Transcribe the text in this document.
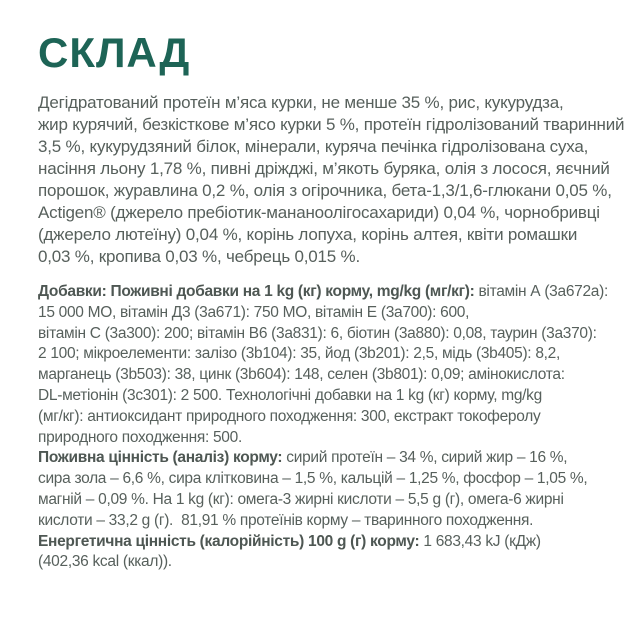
СКЛАД
Дегідратований протеїн м’яса курки, не менше 35 %, рис, кукурудза,
жир курячий, безкісткове м’ясо курки 5 %, протеїн гідролізований тваринний
3,5 %, кукурудзяний білок, мінерали, куряча печінка гідролізована суха,
насіння льону 1,78 %, пивні дріжджі, м’якоть буряка, олія з лосося, яєчний
порошок, журавлина 0,2 %, олія з огірочника, бета-1,3/1,6-глюкани 0,05 %,
Actigen® (джерело пребіотик-мананоолігосахариди) 0,04 %, чорнобривці
(джерело лютеїну) 0,04 %, корінь лопуха, корінь алтея, квіти ромашки
0,03 %, кропива 0,03 %, чебрець 0,015 %.
Добавки: Поживні добавки на 1 kg (кг) корму, mg/kg (мг/кг): вітамін А (3а672а):
15 000 МО, вітамін Д3 (3а671): 750 МО, вітамін Е (3а700): 600,
вітамін С (3а300): 200; вітамін В6 (3а831): 6, біотин (3а880): 0,08, таурин (3а370):
2 100; мікроелементи: залізо (3b104): 35, йод (3b201): 2,5, мідь (3b405): 8,2,
марганець (3b503): 38, цинк (3b604): 148, селен (3b801): 0,09; амінокислота:
DL-метіонін (3с301): 2 500. Технологічні добавки на 1 kg (кг) корму, mg/kg
(мг/кг): антиоксидант природного походження: 300, екстракт токоферолу
природного походження: 500.
Поживна цінність (аналіз) корму: сирий протеїн – 34 %, сирий жир – 16 %,
сира зола – 6,6 %, сира клітковина – 1,5 %, кальцій – 1,25 %, фосфор – 1,05 %,
магній – 0,09 %. На 1 kg (кг): омега-3 жирні кислоти – 5,5 g (г), омега-6 жирні
кислоти – 33,2 g (г).  81,91 % протеїнів корму – тваринного походження.
Енергетична цінність (калорійність) 100 g (г) корму: 1 683,43 kJ (кДж)
(402,36 kcal (ккал)).
